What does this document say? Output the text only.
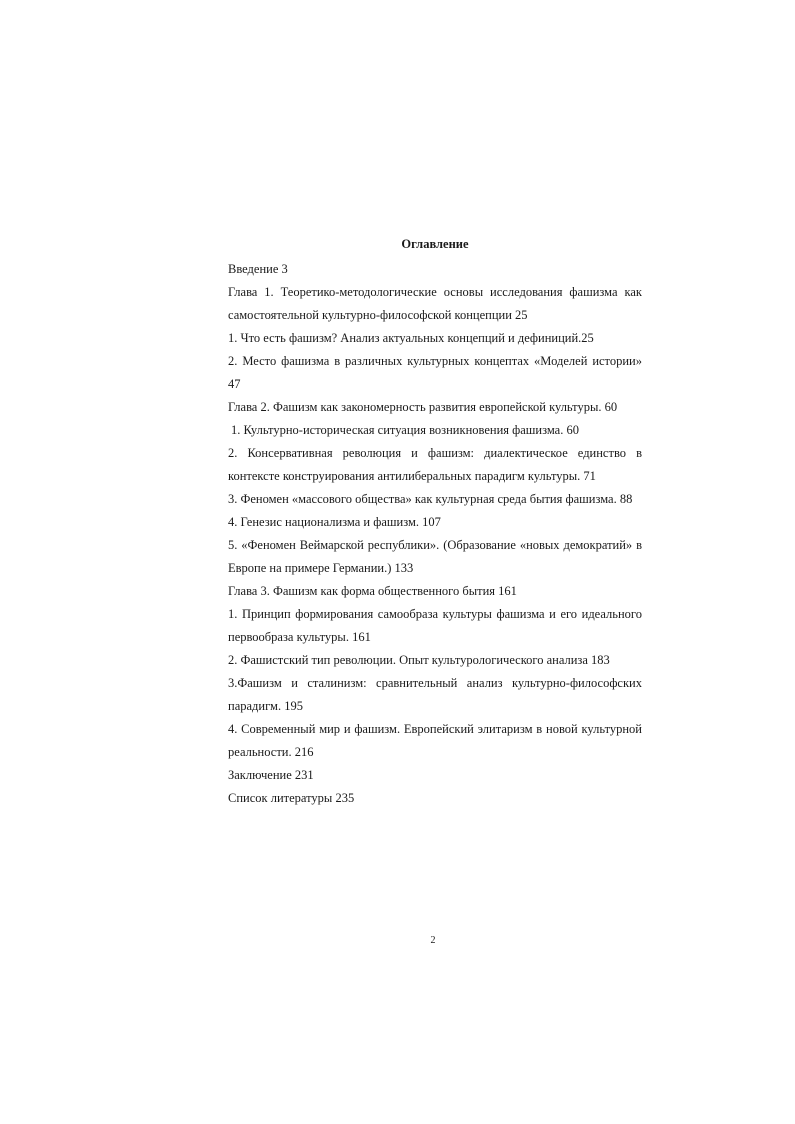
Оглавление

Введение 3

Глава 1. Теоретико-методологические основы исследования фашизма как самостоятельной культурно-философской концепции 25

1. Что есть фашизм? Анализ актуальных концепций и дефиниций.25

2. Место фашизма в различных культурных концептах «Моделей истории» 47

Глава 2. Фашизм как закономерность развития европейской культуры. 60

1. Культурно-историческая ситуация возникновения фашизма. 60

2. Консервативная революция и фашизм: диалектическое единство в контексте конструирования антилиберальных парадигм культуры. 71

3. Феномен «массового общества» как культурная среда бытия фашизма. 88

4. Генезис национализма и фашизм. 107

5. «Феномен Веймарской республики». (Образование «новых демократий» в Европе на примере Германии.) 133

Глава 3. Фашизм как форма общественного бытия 161

1. Принцип формирования самообраза культуры фашизма и его идеального первообраза культуры. 161

2. Фашистский тип революции. Опыт культурологического анализа 183

3.Фашизм и сталинизм: сравнительный анализ культурно-философских парадигм. 195

4. Современный мир и фашизм. Европейский элитаризм в новой культурной реальности. 216

Заключение 231

Список литературы 235

2
